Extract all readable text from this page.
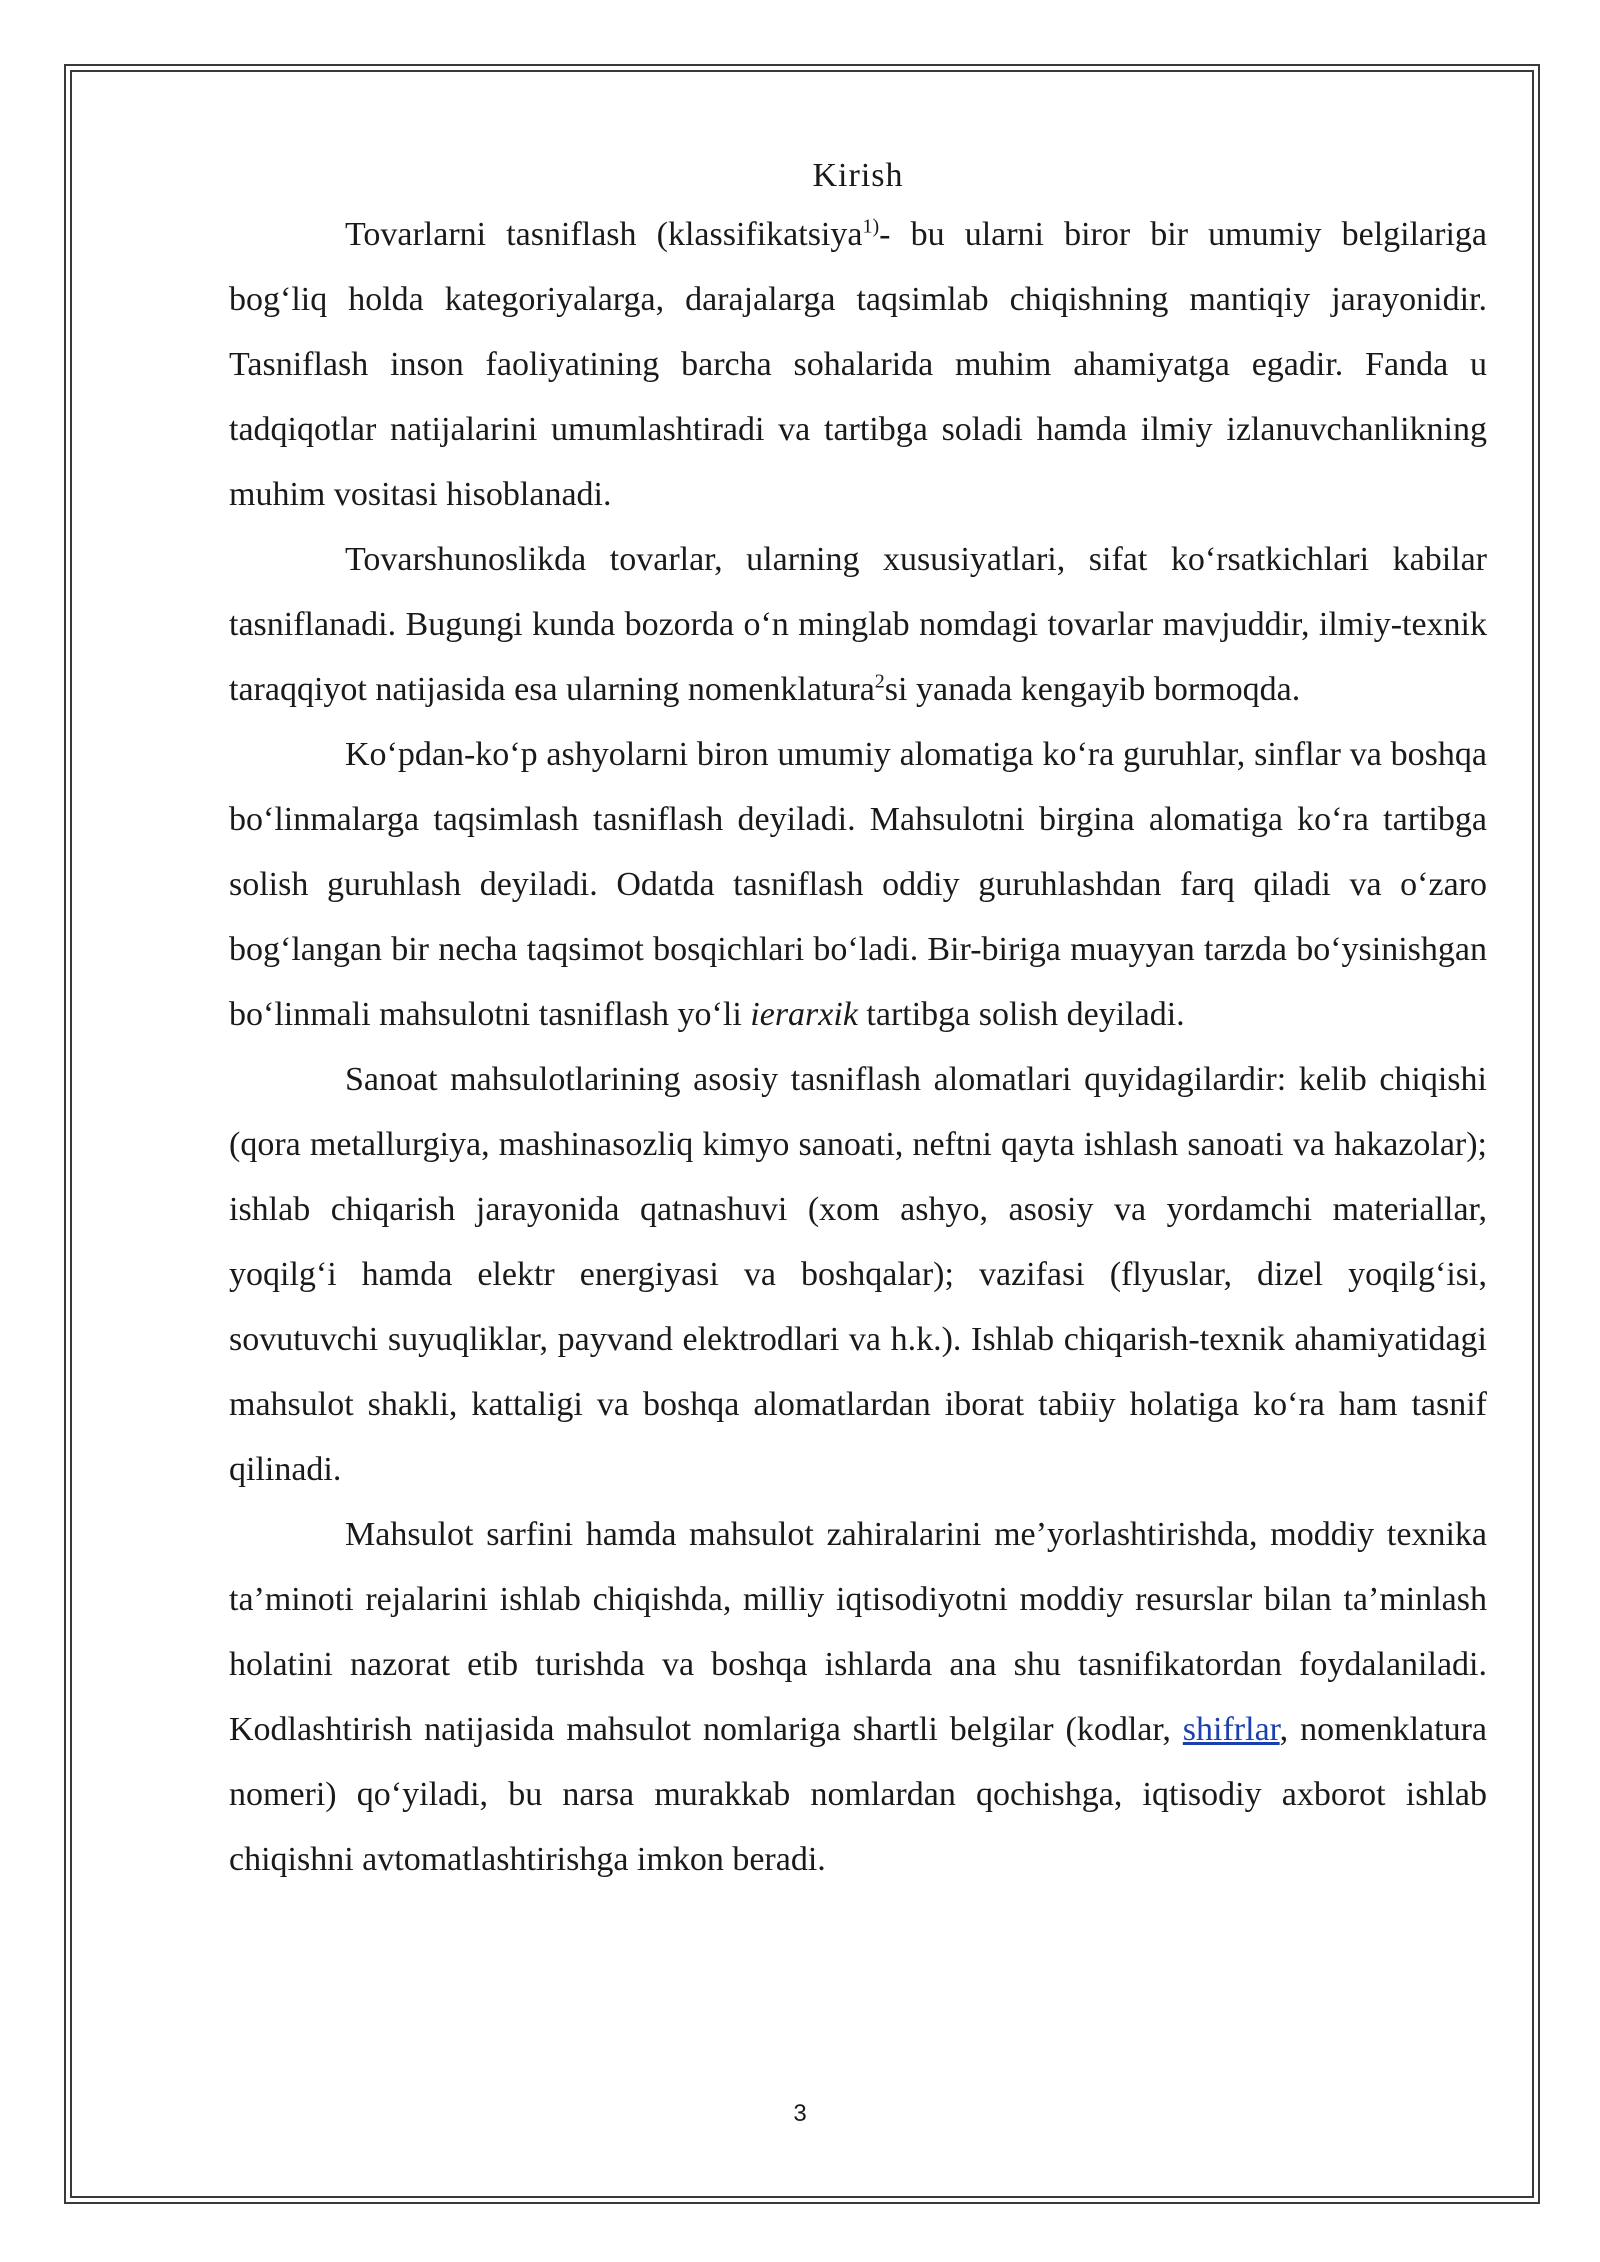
Kirish

Tovarlarni tasniflash (klassifikatsiya$^{1)}$- bu ularni biror bir umumiy belgilariga bog‘liq holda kategoriyalarga, darajalarga taqsimlab chiqishning mantiqiy jarayonidir. Tasniflash inson faoliyatining barcha sohalarida muhim ahamiyatga egadir. Fanda u tadqiqotlar natijalarini umumlashtiradi va tartibga soladi hamda ilmiy izlanuvchanlikning muhim vositasi hisoblanadi.

Tovarshunoslikda tovarlar, ularning xususiyatlari, sifat ko‘rsatkichlari kabilar tasniflanadi. Bugungi kunda bozorda o‘n minglab nomdagi tovarlar mavjuddir, ilmiy-texnik taraqqiyot natijasida esa ularning nomenklatura$^2$si yanada kengayib bormoqda.

Ko‘pdan-ko‘p ashyolarni biron umumiy alomatiga ko‘ra guruhlar, sinflar va boshqa bo‘linmalarga taqsimlash tasniflash deyiladi. Mahsulotni birgina alomatiga ko‘ra tartibga solish guruhlash deyiladi. Odatda tasniflash oddiy guruhlashdan farq qiladi va o‘zaro bog‘langan bir necha taqsimot bosqichlari bo‘ladi. Bir-biriga muayyan tarzda bo‘ysinishgan bo‘linmali mahsulotni tasniflash yo‘li ierarxik tartibga solish deyiladi.

Sanoat mahsulotlarining asosiy tasniflash alomatlari quyidagilardir: kelib chiqishi (qora metallurgiya, mashinasozliq kimyo sanoati, neftni qayta ishlash sanoati va hakazolar); ishlab chiqarish jarayonida qatnashuvi (xom ashyo, asosiy va yordamchi materiallar, yoqilg‘i hamda elektr energiyasi va boshqalar); vazifasi (flyuslar, dizel yoqilg‘isi, sovutuvchi suyuqliklar, payvand elektrodlari va h.k.). Ishlab chiqarish-texnik ahamiyatidagi mahsulot shakli, kattaligi va boshqa alomatlardan iborat tabiiy holatiga ko‘ra ham tasnif qilinadi.

Mahsulot sarfini hamda mahsulot zahiralarini me’yorlashtirishda, moddiy texnika ta’minoti rejalarini ishlab chiqishda, milliy iqtisodiyotni moddiy resurslar bilan ta’minlash holatini nazorat etib turishda va boshqa ishlarda ana shu tasnifikatordan foydalaniladi. Kodlashtirish natijasida mahsulot nomlariga shartli belgilar (kodlar, shifrlar, nomenklatura nomeri) qo‘yiladi, bu narsa murakkab nomlardan qochishga, iqtisodiy axborot ishlab chiqishni avtomatlashtirishga imkon beradi.

3
